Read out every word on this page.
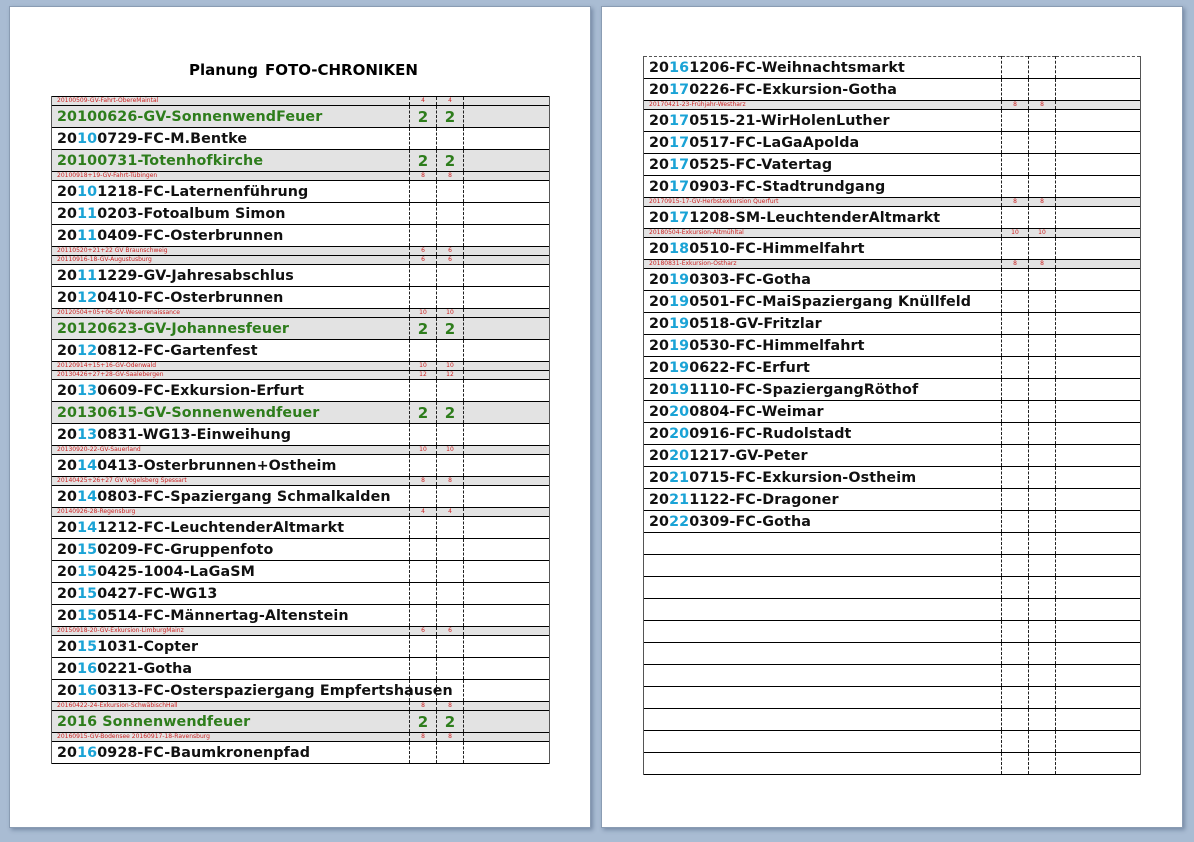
Planung FOTO-CHRONIKEN
20100509-GV-Fahrt-ObereMaintal	4	4	
20100626-GV-SonnenwendFeuer	2	2	
20100729-FC-M.Bentke			
20100731-Totenhofkirche	2	2	
20100918+19-GV-Fahrt-Tübingen	8	8	
20101218-FC-Laternenführung			
20110203-Fotoalbum Simon			
20110409-FC-Osterbrunnen			
20110520+21+22 GV Braunschweig	6	6	
20110916-18-GV-Augustusburg	6	6	
20111229-GV-Jahresabschlus			
20120410-FC-Osterbrunnen			
20120504+05+06-GV-Weserrenaissance	10	10	
20120623-GV-Johannesfeuer	2	2	
20120812-FC-Gartenfest			
20120914+15+16-GV-Odenwald	10	10	
20130426+27+28-GV-Saalebergen	12	12	
20130609-FC-Exkursion-Erfurt			
20130615-GV-Sonnenwendfeuer	2	2	
20130831-WG13-Einweihung			
20130920-22-GV-Sauerland	10	10	
20140413-Osterbrunnen+Ostheim			
20140425+26+27 GV Vogelsberg Spessart	8	8	
20140803-FC-Spaziergang Schmalkalden			
20140926-28-Regensburg	4	4	
20141212-FC-LeuchtenderAltmarkt			
20150209-FC-Gruppenfoto			
20150425-1004-LaGaSM			
20150427-FC-WG13			
20150514-FC-Männertag-Altenstein			
20150918-20-GV-Exkursion-LimburgMainz	6	6	
20151031-Copter			
20160221-Gotha			
20160313-FC-Osterspaziergang Empfertshausen			
20160422-24-Exkursion-SchwäbischHall	8	8	
2016 Sonnenwendfeuer	2	2	
20160915-GV-Bodensee 20160917-18-Ravensburg	8	8	
20160928-FC-Baumkronenpfad			
20161206-FC-Weihnachtsmarkt			
20170226-FC-Exkursion-Gotha			
20170421-23-Frühjahr-Westharz	8	8	
20170515-21-WirHolenLuther			
20170517-FC-LaGaApolda			
20170525-FC-Vatertag			
20170903-FC-Stadtrundgang			
20170915-17-GV-Herbstexkursion Querfurt	8	8	
20171208-SM-LeuchtenderAltmarkt			
20180504-Exkursion-Altmühltal	10	10	
20180510-FC-Himmelfahrt			
20180831-Exkursion-Ostharz	8	8	
20190303-FC-Gotha			
20190501-FC-MaiSpaziergang Knüllfeld			
20190518-GV-Fritzlar			
20190530-FC-Himmelfahrt			
20190622-FC-Erfurt			
20191110-FC-SpaziergangRöthof			
20200804-FC-Weimar			
20200916-FC-Rudolstadt			
20201217-GV-Peter			
20210715-FC-Exkursion-Ostheim			
20211122-FC-Dragoner			
20220309-FC-Gotha			
